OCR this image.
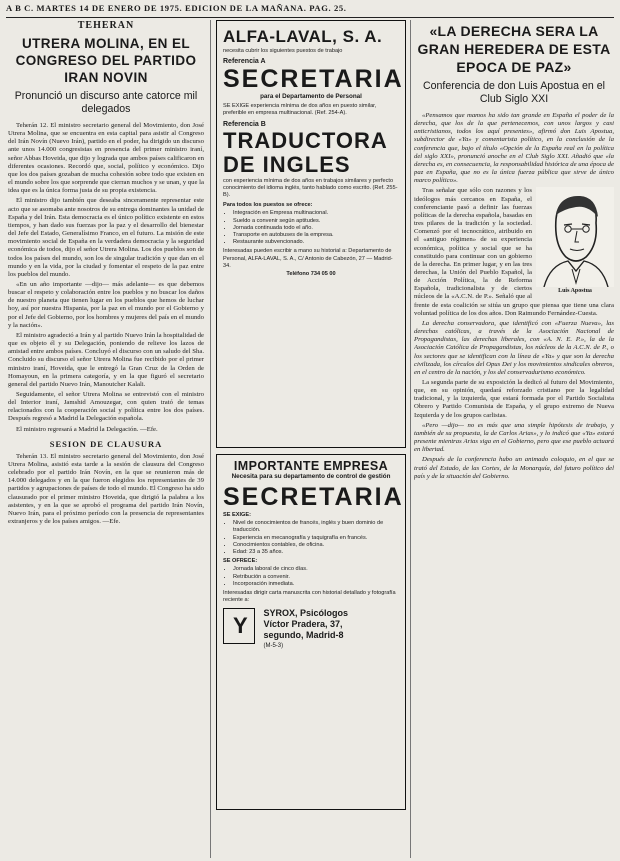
A B C. MARTES 14 DE ENERO DE 1975. EDICION DE LA MAÑANA. PAG. 25.
TEHERAN
UTRERA MOLINA, EN EL CONGRESO DEL PARTIDO IRAN NOVIN
Pronunció un discurso ante catorce mil delegados

Teherán 12. El ministro secretario general del Movimiento, don José Utrera Molina, que se encuentra en esta capital para asistir al Congreso del Irán Novín (Nuevo Irán), partido en el poder, ha dirigido un discurso ante unos 14.000 congresistas en presencia del primer ministro iraní, señor Abbas Hoveida, que dijo y lograda que ambos países calificaron en diferentes ocasiones. Recordó que, social, político y económico. Dijo que los dos países gozaban de mucha cohesión sobre todo que existen en el mundo sobre los que sorprende que cierran muchos y se unan, y que la idea que es la única forma justa de su propia existencia.

El ministro dijo también que deseaba sinceramente representar este acto que se asomaba ante nosotros de su entrega dominantes la unidad de España y del Irán. Esta democracia es el único político existente en estos tiempos, y han dado sus fuerzas por la paz y el desarrollo del bienestar del Jefe del Estado, Generalísimo Franco, en el futuro. La misión de este movimiento social de España en la verdadera democracia y la seguridad económica de todos, dijo el señor Utrera Molina. Los dos pueblos son de todos los países del mundo, son los de singular tradición y que dan en el mundo y en la vida, por la ciudad y fomentar el respeto de la paz entre los pueblos del mundo.

«En un año importante —dijo— más adelante— es que debemos buscar el respeto y colaboración entre los pueblos y no buscar los daños de nuestro planeta que tienen lugar en los pueblos que hemos de luchar hoy, así por nuestra Hispania, por la paz en el mundo por el Gobierno y por el Jefe del Gobierno, por los hombres y mujeres del país en el mundo y la nación».

El ministro agradeció a Irán y al partido Nuevo Irán la hospitalidad de que es objeto él y su Delegación, poniendo de relieve los lazos de amistad entre ambos países. Concluyó el discurso con un saludo del Sha. Concluido su discurso el señor Utrera Molina fue recibido por el primer ministro iraní, Hoveida, que le entregó la Gran Cruz de la Orden de Homayoun, en la primera categoría, y en la que figuró el secretario general del partido Nuevo Irán, Manoutcher Kalali.

Seguidamente, el señor Utrera Molina se entrevistó con el ministro del Interior iraní, Jamshid Amouzegar, con quien trató de temas relacionados con la cooperación social y política entre los dos países. Después regresó a Madrid la Delegación española.

El ministro regresará a Madrid la Delegación. —Efe.

SESION DE CLAUSURA

Teherán 13. El ministro secretario general del Movimiento, don José Utrera Molina, asistió esta tarde a la sesión de clausura del Congreso celebrado por el partido Irán Novín, en la que se reunieron más de 14.000 delegados y en la que fueron elegidos los representantes de 39 partidos y agrupaciones de países de todo el mundo. El Congreso ha sido clausurado por el primer ministro Hoveida, que dirigió la palabra a los asistentes, y en la que se aprobó el programa del partido Irán Novín, Nuevo Irán, para el próximo período con la presencia de representantes extranjeros y de los países amigos. —Efe.

ALFA-LAVAL, S. A.
necesita cubrir los siguientes puestos de trabajo
Referencia A
SECRETARIA
para el Departamento de Personal
SE EXIGE experiencia mínima de dos años en puesto similar, preferible en empresa multinacional. (Ref. 254-A).
Referencia B
TRADUCTORA DE INGLES
con experiencia mínima de dos años en trabajos similares y perfecto conocimiento del idioma inglés, tanto hablado como escrito. (Ref. 255-B).
Para todos los puestos se ofrece:
• Integración en Empresa multinacional.
• Sueldo a convenir según aptitudes.
• Jornada continuada todo el año.
• Transporte en autobuses de la empresa.
• Restaurante subvencionado.
Interesadas pueden escribir a mano su historial a: Departamento de Personal, ALFA-LAVAL, S. A., C/ Antonio de Cabezón, 27 — Madrid-34.
Teléfono 734 05 00
IMPORTANTE EMPRESA
Necesita para su departamento de control de gestión
SECRETARIA
SE EXIGE:
• Nivel de conocimientos de francés, inglés y buen dominio de traducción.
• Experiencia en mecanografía y taquigrafía en francés.
• Conocimientos contables, de oficina.
• Edad: 23 a 35 años.
SE OFRECE:
• Jornada laboral de cinco días.
• Retribución a convenir.
• Incorporación inmediata.
Interesadas dirigir carta manuscrita con historial detallado y fotografía reciente a:
Y
SYROX, Psicólogos
Víctor Pradera, 37,
segundo, Madrid-8
(M-5-3)
«LA DERECHA SERA LA GRAN HEREDERA DE ESTA EPOCA DE PAZ»
Conferencia de don Luis Apostua en el Club Siglo XXI

«Pensamos que mamos ha sido tan grande en España el poder de la derecha, que los de la que pertenecemos, con unos largos y casi anticristianos, todos los aquí presentes», afirmó don Luis Apostua, subdirector de «Ya» y comentarista político, en la conclusión de la conferencia que, bajo el título «Opción de la España real en la política del siglo XXI», pronunció anoche en el Club Siglo XXI. Añadió que «la derecha es, en consecuencia, la responsabilidad histórica de una época de paz en España, que no es la única fuerza pública que sirve de único marco político».

Luis Apostua

Tras señalar que sólo con razones y los ideólogos más cercanos en España, el conferenciante pasó a definir las fuerzas políticas de la derecha española, basadas en tres pilares de la tradición y la sociedad. Comenzó por el tecnocrático, atribuido en el «antiguo régimen» de su experiencia económica, política y social que se ha constituido para continuar con un gobierno de la derecha. En primer lugar, y en las tres derechas, la Unión del Pueblo Español, la de Acción Política, la de Reforma Española, tradicionalista y de ciertos núcleos de la «A.C.N. de P.». Señaló que al frente de esta coalición se sitúa un grupo que piensa que tiene una clara voluntad política de los dos años. Don Raimundo Fernández-Cuesta.

La derecha conservadora, que identificó con «Fuerza Nueva», las derechas católicas, a través de la Asociación Nacional de Propagandistas, las derechas liberales, con «A. N. E. P.», la de la Asociación Católica de Propagandistas, los núcleos de la A.C.N. de P., o los sectores que se identifican con la línea de «Ya» y que son la derecha civilizada, los círculos del Opus Dei y los movimientos sindicales obreros, en el centro de la nación, y los del conservadurismo económico.

La segunda parte de su exposición la dedicó al futuro del Movimiento, que, en su opinión, quedará reforzado cristiano por la legalidad tradicional, y la izquierda, que estará formada por el Partido Socialista Obrero y Partido Comunista de España, y el grupo extremo de Nueva Izquierda y de los grupos carlistas.

«Pero —dijo— no es más que una simple hipótesis de trabajo, y también de su propuesta, la de Carlos Arias», y lo indicó que «Ya» estará presente mientras Arias siga en el Gobierno, pero que ese pueblo actuará en libertad.

Después de la conferencia hubo un animado coloquio, en el que se trató del Estado, de las Cortes, de la Monarquía, del futuro político del país y de la situación del Gobierno.
